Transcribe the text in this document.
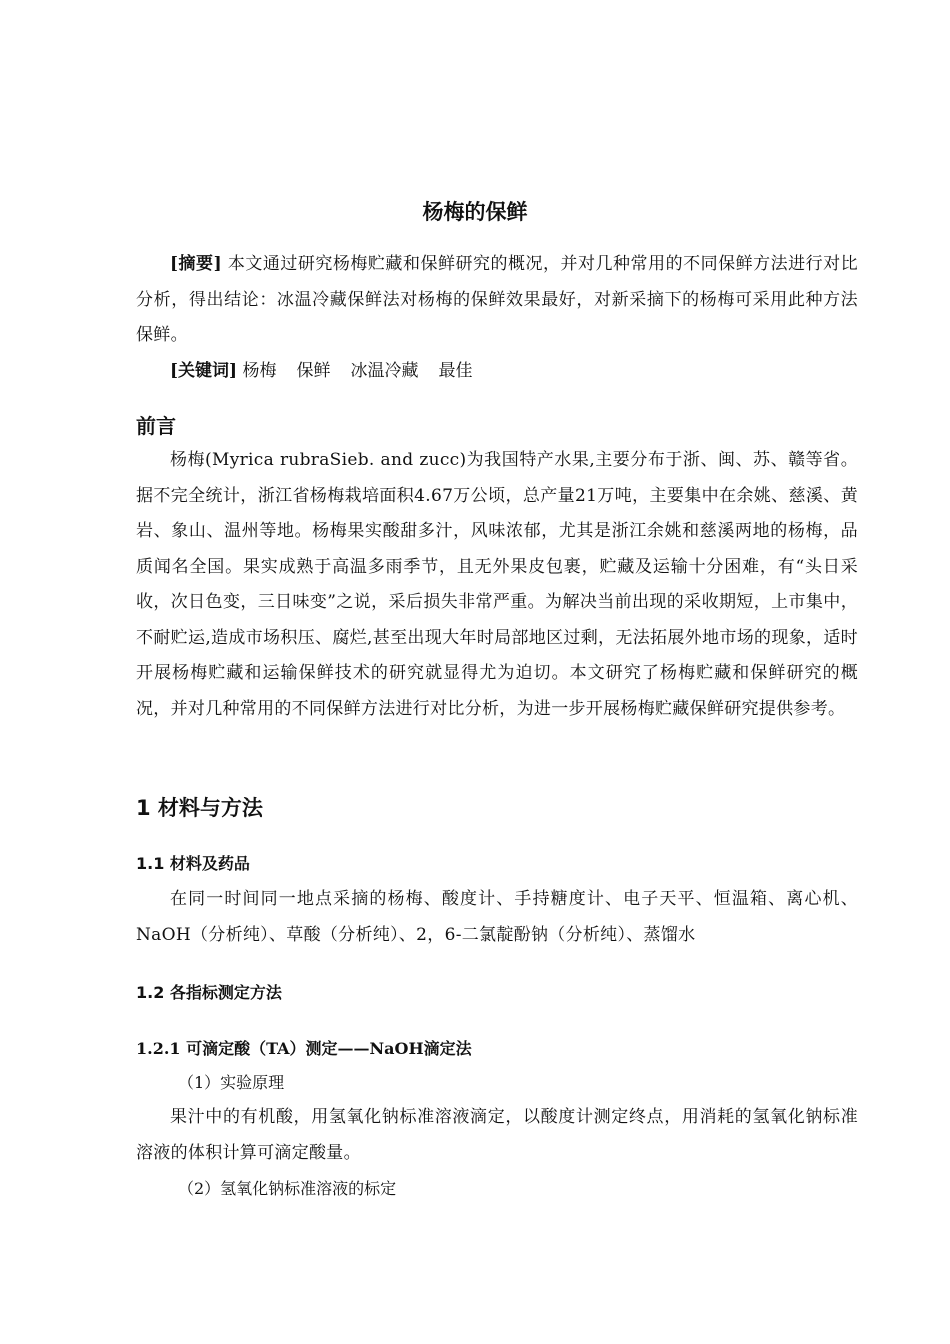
杨梅的保鲜

[摘要] 本文通过研究杨梅贮藏和保鲜研究的概况，并对几种常用的不同保鲜方法进行对比分析，得出结论：冰温冷藏保鲜法对杨梅的保鲜效果最好，对新采摘下的杨梅可采用此种方法保鲜。

[关键词] 杨梅 保鲜 冰温冷藏 最佳

前言

杨梅(Myrica rubraSieb. and zucc)为我国特产水果,主要分布于浙、闽、苏、赣等省。据不完全统计，浙江省杨梅栽培面积4.67万公顷，总产量21万吨，主要集中在余姚、慈溪、黄岩、象山、温州等地。杨梅果实酸甜多汁，风味浓郁，尤其是浙江余姚和慈溪两地的杨梅，品质闻名全国。果实成熟于高温多雨季节，且无外果皮包裹，贮藏及运输十分困难，有“头日采收，次日色变，三日味变”之说，采后损失非常严重。为解决当前出现的采收期短，上市集中，不耐贮运,造成市场积压、腐烂,甚至出现大年时局部地区过剩，无法拓展外地市场的现象，适时开展杨梅贮藏和运输保鲜技术的研究就显得尤为迫切。本文研究了杨梅贮藏和保鲜研究的概况，并对几种常用的不同保鲜方法进行对比分析，为进一步开展杨梅贮藏保鲜研究提供参考。

1 材料与方法
1.1 材料及药品

在同一时间同一地点采摘的杨梅、酸度计、手持糖度计、电子天平、恒温箱、离心机、NaOH（分析纯）、草酸（分析纯）、2，6-二氯靛酚钠（分析纯）、蒸馏水

1.2 各指标测定方法
1.2.1 可滴定酸（TA）测定——NaOH滴定法

（1）实验原理

果汁中的有机酸，用氢氧化钠标准溶液滴定，以酸度计测定终点，用消耗的氢氧化钠标准溶液的体积计算可滴定酸量。

（2）氢氧化钠标准溶液的标定
